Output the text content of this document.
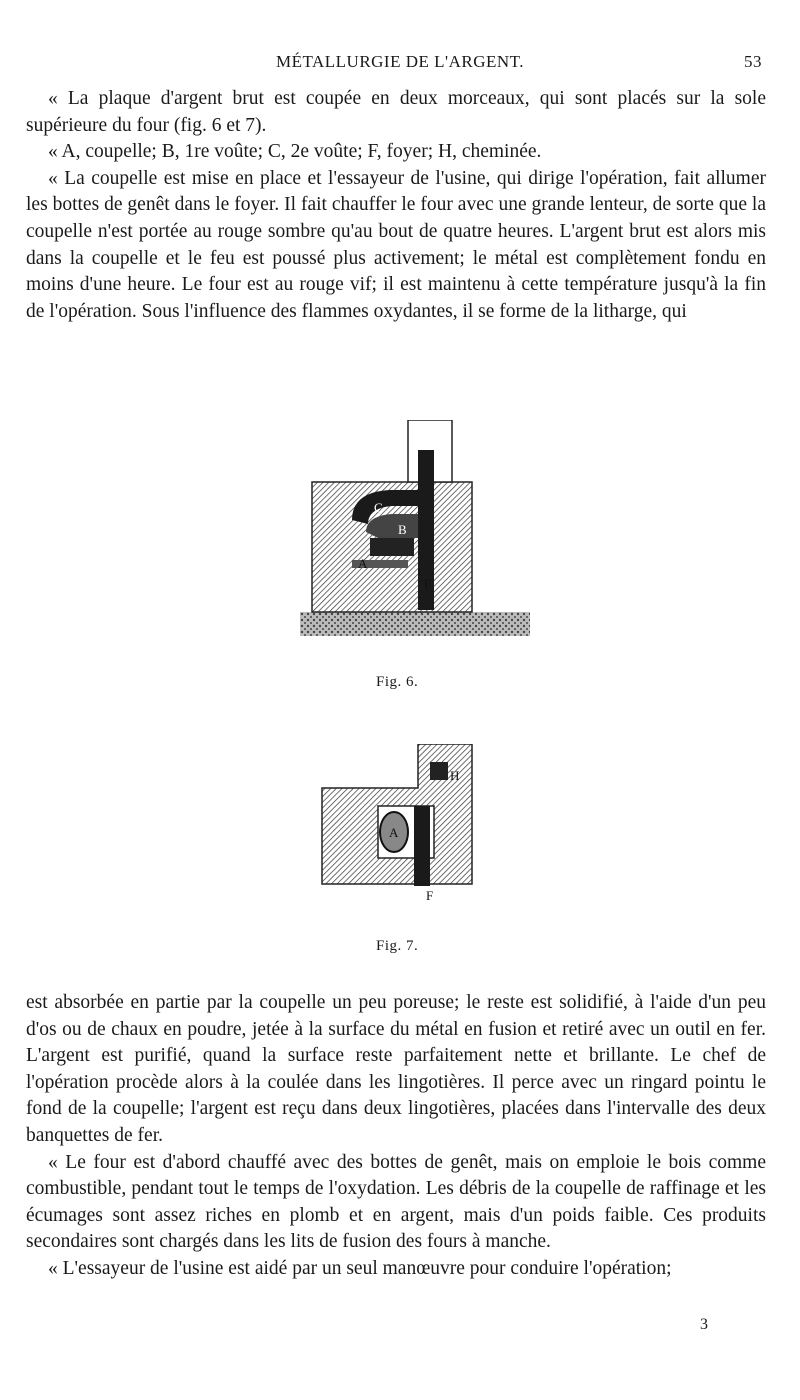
MÉTALLURGIE DE L'ARGENT.	53

« La plaque d'argent brut est coupée en deux morceaux, qui sont placés sur la sole supérieure du four (fig. 6 et 7).

« A, coupelle; B, 1re voûte; C, 2e voûte; F, foyer; H, cheminée.

« La coupelle est mise en place et l'essayeur de l'usine, qui dirige l'opération, fait allumer les bottes de genêt dans le foyer. Il fait chauffer le four avec une grande lenteur, de sorte que la coupelle n'est portée au rouge sombre qu'au bout de quatre heures. L'argent brut est alors mis dans la coupelle et le feu est poussé plus activement; le métal est complètement fondu en moins d'une heure. Le four est au rouge vif; il est maintenu à cette température jusqu'à la fin de l'opération. Sous l'influence des flammes oxydantes, il se forme de la litharge, qui

A
B
C
F
Fig. 6.
H
A
F
Fig. 7.

est absorbée en partie par la coupelle un peu poreuse; le reste est solidifié, à l'aide d'un peu d'os ou de chaux en poudre, jetée à la surface du métal en fusion et retiré avec un outil en fer. L'argent est purifié, quand la surface reste parfaitement nette et brillante. Le chef de l'opération procède alors à la coulée dans les lingotières. Il perce avec un ringard pointu le fond de la coupelle; l'argent est reçu dans deux lingotières, placées dans l'intervalle des deux banquettes de fer.

« Le four est d'abord chauffé avec des bottes de genêt, mais on emploie le bois comme combustible, pendant tout le temps de l'oxydation. Les débris de la coupelle de raffinage et les écumages sont assez riches en plomb et en argent, mais d'un poids faible. Ces produits secondaires sont chargés dans les lits de fusion des fours à manche.

« L'essayeur de l'usine est aidé par un seul manœuvre pour conduire l'opération;

3
